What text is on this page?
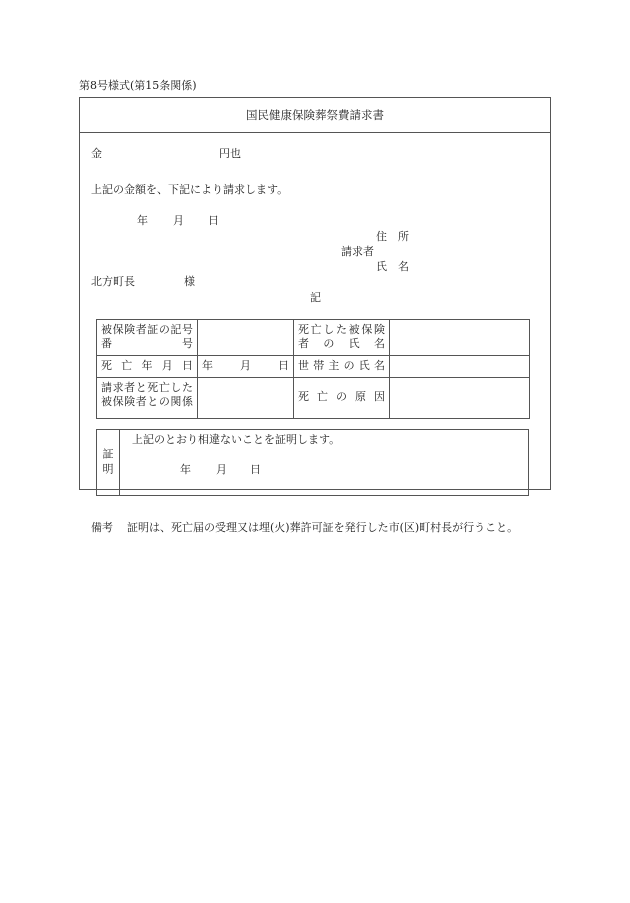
第8号様式(第15条関係)
国民健康保険葬祭費請求書
金	円也
上記の金額を、下記により請求します。
年 月 日
住　所
請求者
氏　名
北方町長	様
記
被保険者証の記号番号		死亡した被保険者の氏名	
死亡年月日	年 月 日	世帯主の氏名	
請求者と死亡した被保険者との関係		死亡の原因	
証明
上記のとおり相違ないことを証明します。
年 月 日
備考 証明は、死亡届の受理又は埋(火)葬許可証を発行した市(区)町村長が行うこと。
